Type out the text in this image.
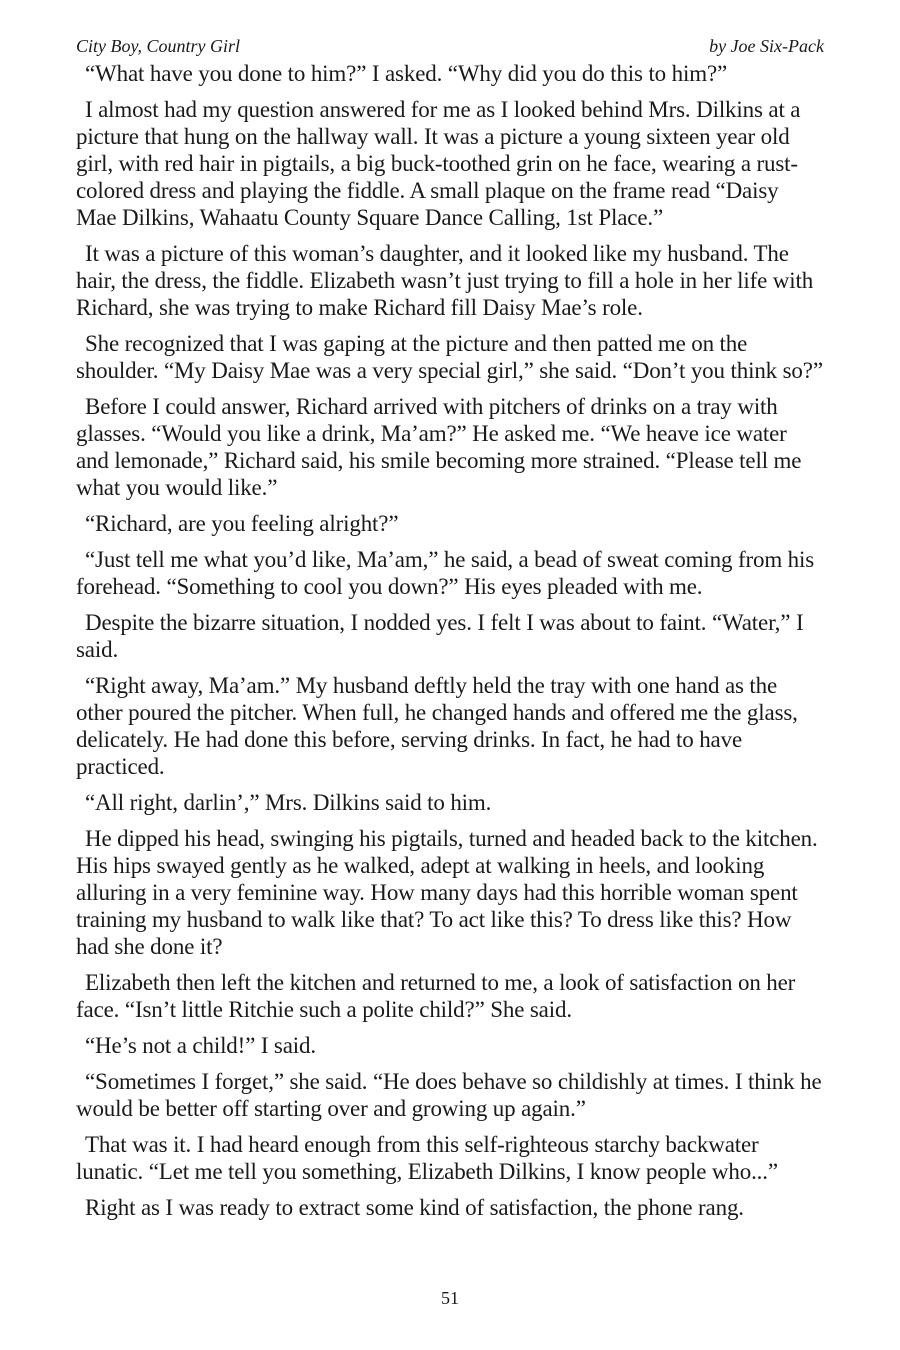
City Boy, Country Girl	by Joe Six-Pack

“What have you done to him?” I asked. “Why did you do this to him?”

I almost had my question answered for me as I looked behind Mrs. Dilkins at a picture that hung on the hallway wall. It was a picture a young sixteen year old girl, with red hair in pigtails, a big buck-toothed grin on he face, wearing a rust-colored dress and playing the fiddle. A small plaque on the frame read “Daisy Mae Dilkins, Wahaatu County Square Dance Calling, 1st Place.”

It was a picture of this woman’s daughter, and it looked like my husband. The hair, the dress, the fiddle. Elizabeth wasn’t just trying to fill a hole in her life with Richard, she was trying to make Richard fill Daisy Mae’s role.

She recognized that I was gaping at the picture and then patted me on the shoulder. “My Daisy Mae was a very special girl,” she said. “Don’t you think so?”

Before I could answer, Richard arrived with pitchers of drinks on a tray with glasses. “Would you like a drink, Ma’am?” He asked me. “We heave ice water and lemonade,” Richard said, his smile becoming more strained. “Please tell me what you would like.”

“Richard, are you feeling alright?”

“Just tell me what you’d like, Ma’am,” he said, a bead of sweat coming from his forehead. “Something to cool you down?” His eyes pleaded with me.

Despite the bizarre situation, I nodded yes. I felt I was about to faint. “Water,” I said.

“Right away, Ma’am.” My husband deftly held the tray with one hand as the other poured the pitcher. When full, he changed hands and offered me the glass, delicately. He had done this before, serving drinks. In fact, he had to have practiced.

“All right, darlin’,” Mrs. Dilkins said to him.

He dipped his head, swinging his pigtails, turned and headed back to the kitchen. His hips swayed gently as he walked, adept at walking in heels, and looking alluring in a very feminine way. How many days had this horrible woman spent training my husband to walk like that? To act like this? To dress like this? How had she done it?

Elizabeth then left the kitchen and returned to me, a look of satisfaction on her face. “Isn’t little Ritchie such a polite child?” She said.

“He’s not a child!” I said.

“Sometimes I forget,” she said. “He does behave so childishly at times. I think he would be better off starting over and growing up again.”

That was it. I had heard enough from this self-righteous starchy backwater lunatic. “Let me tell you something, Elizabeth Dilkins, I know people who...”

Right as I was ready to extract some kind of satisfaction, the phone rang.

51
